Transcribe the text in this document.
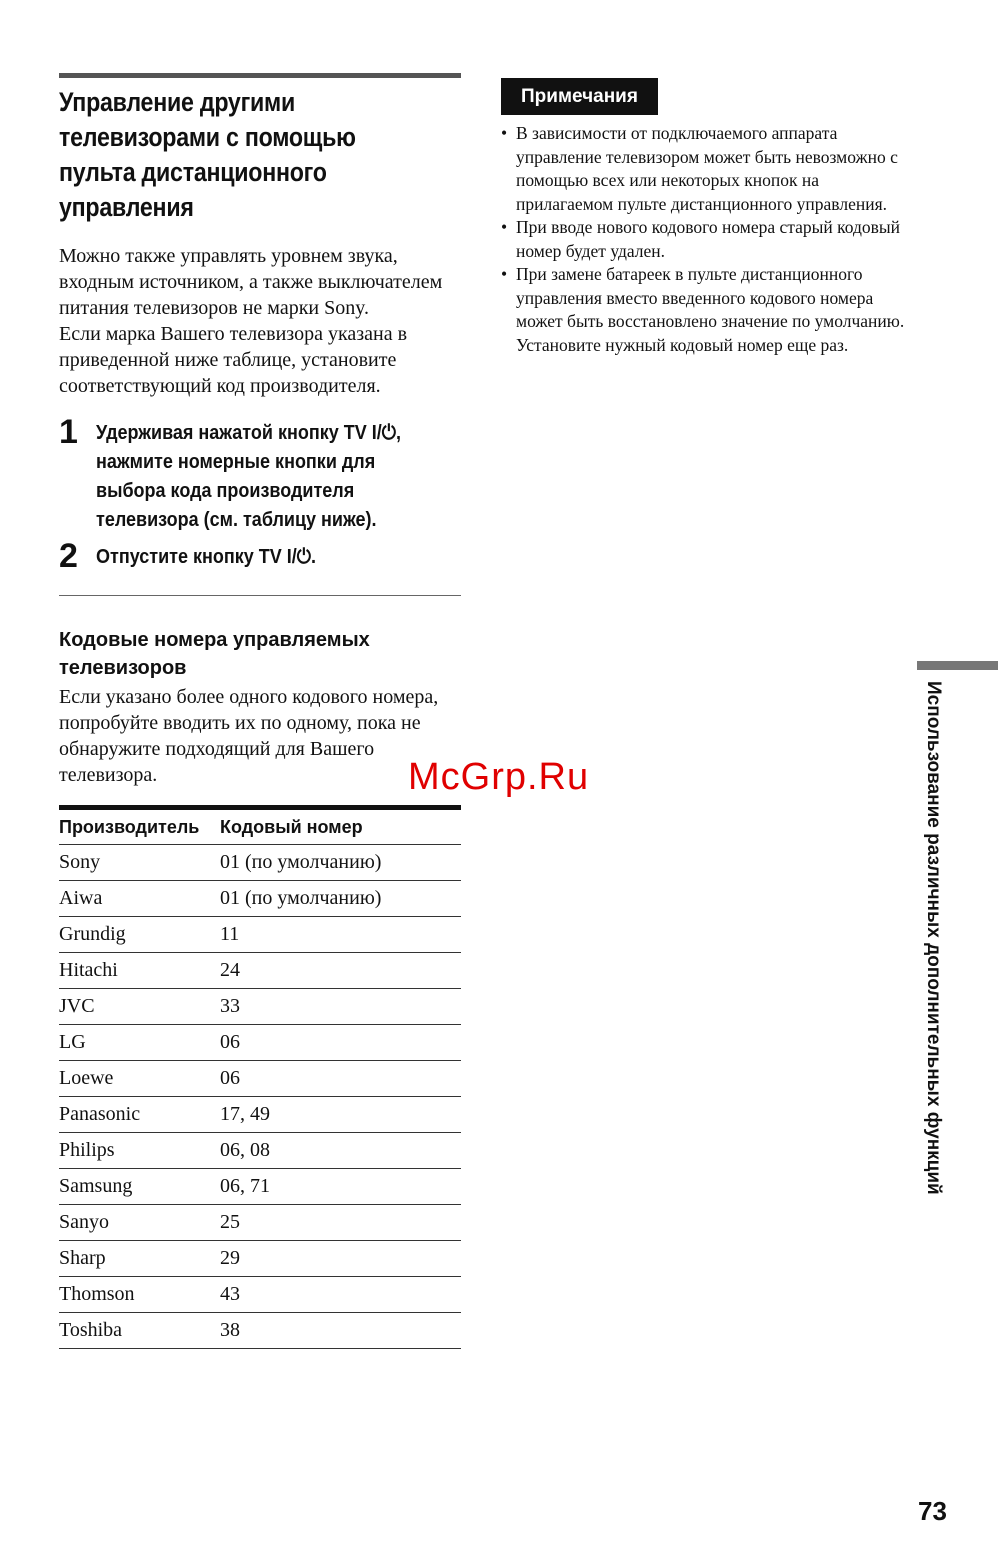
Управление другими
телевизорами с помощью
пульта дистанционного
управления

Можно также управлять уровнем звука, входным источником, а также выключателем питания телевизоров не марки Sony.

Если марка Вашего телевизора указана в приведенной ниже таблице, установите соответствующий код производителя.

1 Удерживая нажатой кнопку TV I/⏻, нажмите номерные кнопки для выбора кода производителя телевизора (см. таблицу ниже).
2 Отпустите кнопку TV I/⏻.
Кодовые номера управляемых телевизоров
Если указано более одного кодового номера, попробуйте вводить их по одному, пока не обнаружите подходящий для Вашего телевизора.
Производитель	Кодовый номер
Sony	01 (по умолчанию)
Aiwa	01 (по умолчанию)
Grundig	11
Hitachi	24
JVC	33
LG	06
Loewe	06
Panasonic	17, 49
Philips	06, 08
Samsung	06, 71
Sanyo	25
Sharp	29
Thomson	43
Toshiba	38
Примечания
• В зависимости от подключаемого аппарата управление телевизором может быть невозможно с помощью всех или некоторых кнопок на прилагаемом пульте дистанционного управления.
• При вводе нового кодового номера старый кодовый номер будет удален.
• При замене батареек в пульте дистанционного управления вместо введенного кодового номера может быть восстановлено значение по умолчанию. Установите нужный кодовый номер еще раз.
Использование различных дополнительных функций
McGrp.Ru
73
